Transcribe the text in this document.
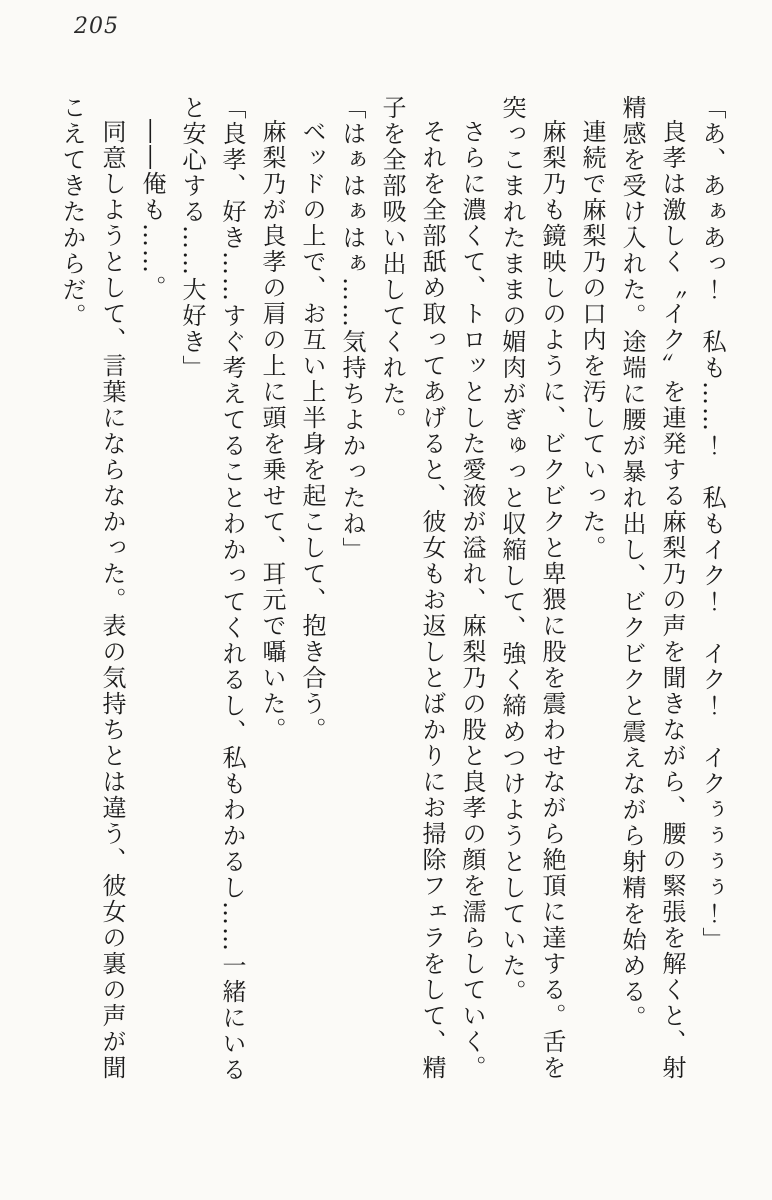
205

「あ、あぁあっ！　私も……！　私もイク！　イク！　イクぅぅぅぅ！」

良孝は激しく〝イク〟を連発する麻梨乃の声を聞きながら、腰の緊張を解くと、射精感を受け入れた。途端に腰が暴れ出し、ビクビクと震えながら射精を始める。

連続で麻梨乃の口内を汚していった。

麻梨乃も鏡映しのように、ビクビクと卑猥に股を震わせながら絶頂に達する。舌を突っこまれたままの媚肉がぎゅっと収縮して、強く締めつけようとしていた。

さらに濃くて、トロッとした愛液が溢れ、麻梨乃の股と良孝の顔を濡らしていく。

それを全部舐め取ってあげると、彼女もお返しとばかりにお掃除フェラをして、精子を全部吸い出してくれた。

「はぁはぁはぁ……気持ちよかったね」

ベッドの上で、お互い上半身を起こして、抱き合う。

麻梨乃が良孝の肩の上に頭を乗せて、耳元で囁いた。

「良孝、好き……すぐ考えてることわかってくれるし、私もわかるし……一緒にいると安心する……大好き」

――俺も……。

同意しようとして、言葉にならなかった。表の気持ちとは違う、彼女の裏の声が聞こえてきたからだ。
